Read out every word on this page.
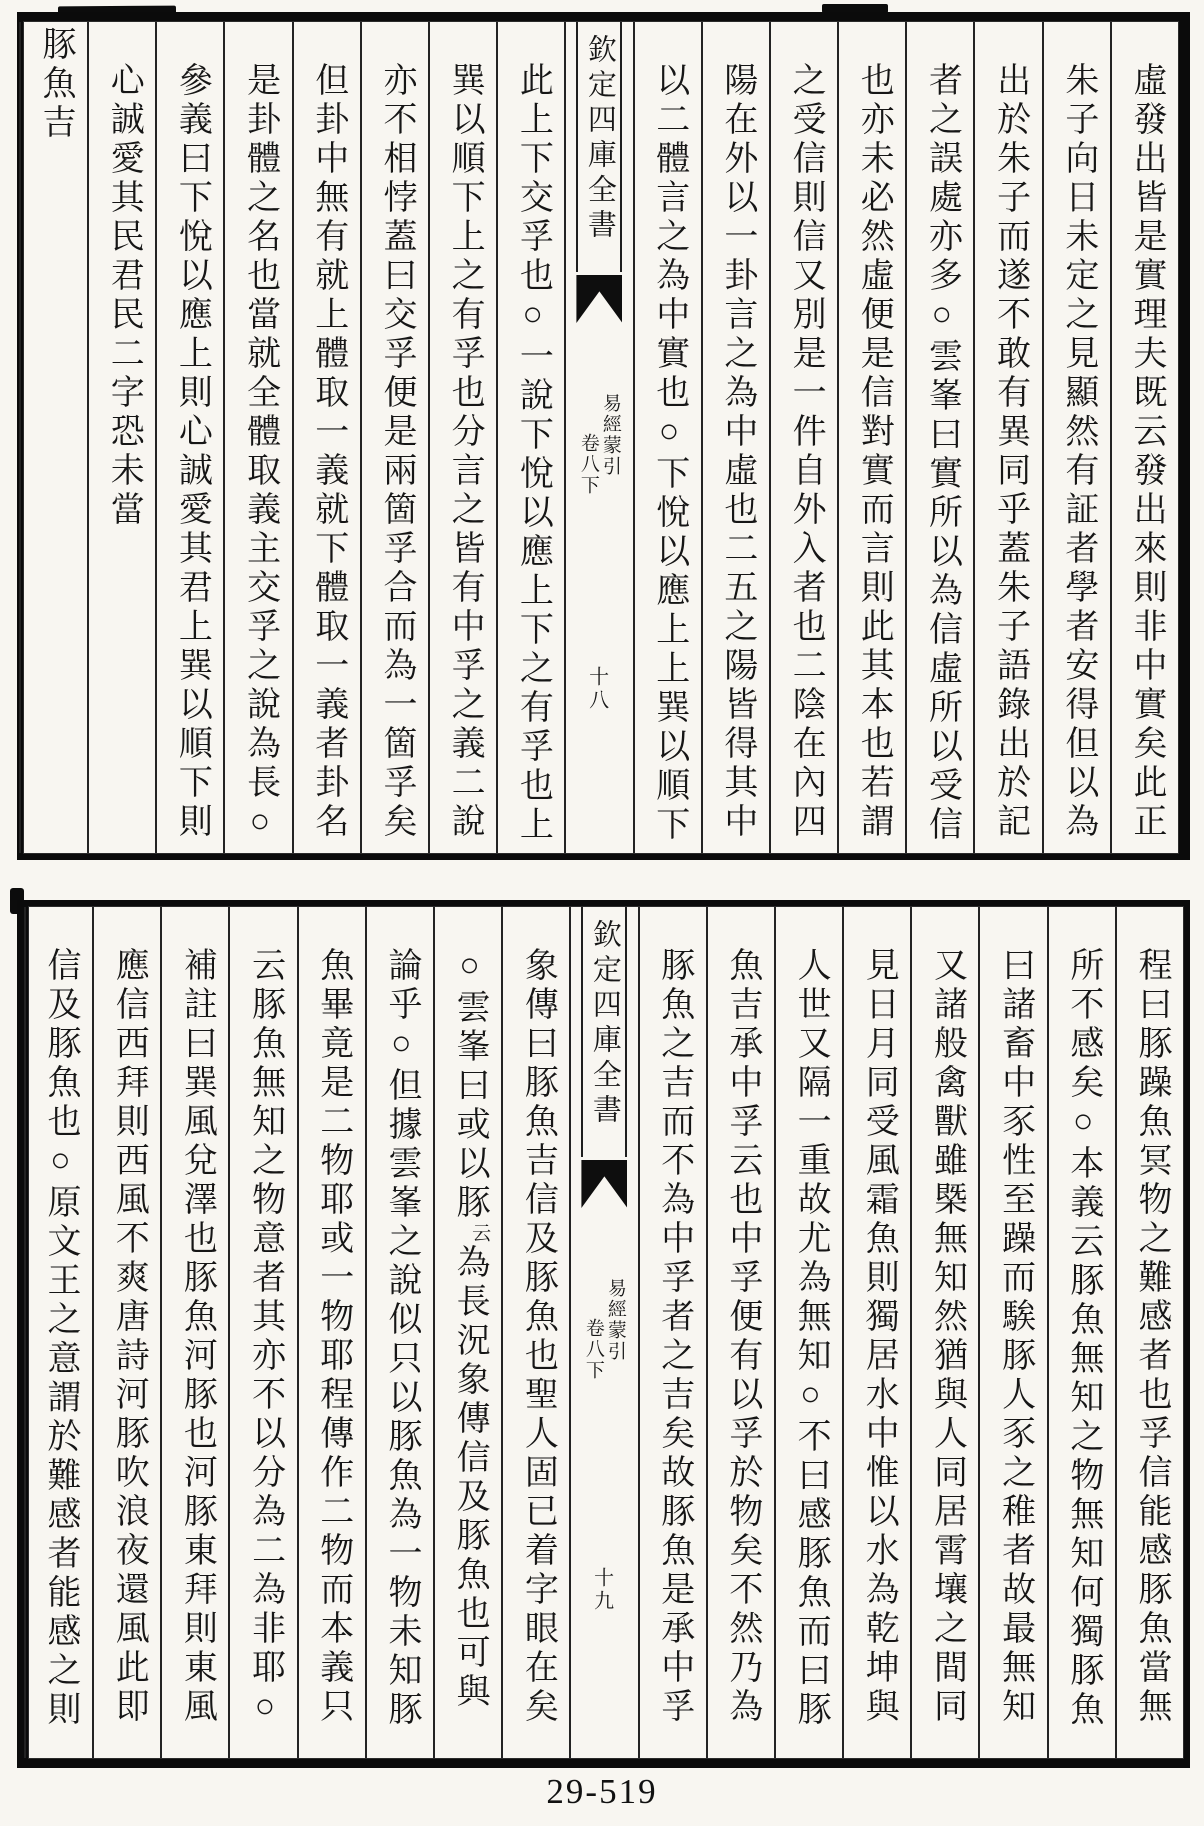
虛發出皆是實理夫既云發出來則非中實矣此正
朱子向日未定之見顯然有証者學者安得但以為
出於朱子而遂不敢有異同乎蓋朱子語錄出於記
者之誤處亦多○雲峯曰實所以為信虛所以受信
也亦未必然虛便是信對實而言則此其本也若謂
之受信則信又別是一件自外入者也二陰在內四
陽在外以一卦言之為中虛也二五之陽皆得其中
以二體言之為中實也○下悅以應上上巽以順下
欽定四庫全書
易經蒙引
卷八下
十八
此上下交孚也○一說下悅以應上下之有孚也上
巽以順下上之有孚也分言之皆有中孚之義二說
亦不相悖蓋曰交孚便是兩箇孚合而為一箇孚矣
但卦中無有就上體取一義就下體取一義者卦名
是卦體之名也當就全體取義主交孚之說為長○
參義曰下悅以應上則心誠愛其君上巽以順下則
心誠愛其民君民二字恐未當
豚魚吉
程曰豚躁魚冥物之難感者也孚信能感豚魚當無
所不感矣○本義云豚魚無知之物無知何獨豚魚
曰諸畜中豕性至躁而騃豚人豕之稚者故最無知
又諸般禽獸雖槩無知然猶與人同居霄壤之間同
見日月同受風霜魚則獨居水中惟以水為乾坤與
人世又隔一重故尤為無知○不曰感豚魚而曰豚
魚吉承中孚云也中孚便有以孚於物矣不然乃為
豚魚之吉而不為中孚者之吉矣故豚魚是承中孚
欽定四庫全書
易經蒙引
卷八下
十九
象傳曰豚魚吉信及豚魚也聖人固已着字眼在矣
○雲峯曰或以豚云為長況象傳信及豚魚也可與
論乎○但據雲峯之說似只以豚魚為一物未知豚
魚畢竟是二物耶或一物耶程傳作二物而本義只
云豚魚無知之物意者其亦不以分為二為非耶○
補註曰巽風兌澤也豚魚河豚也河豚東拜則東風
應信西拜則西風不爽唐詩河豚吹浪夜還風此即
信及豚魚也○原文王之意謂於難感者能感之則
29-519
